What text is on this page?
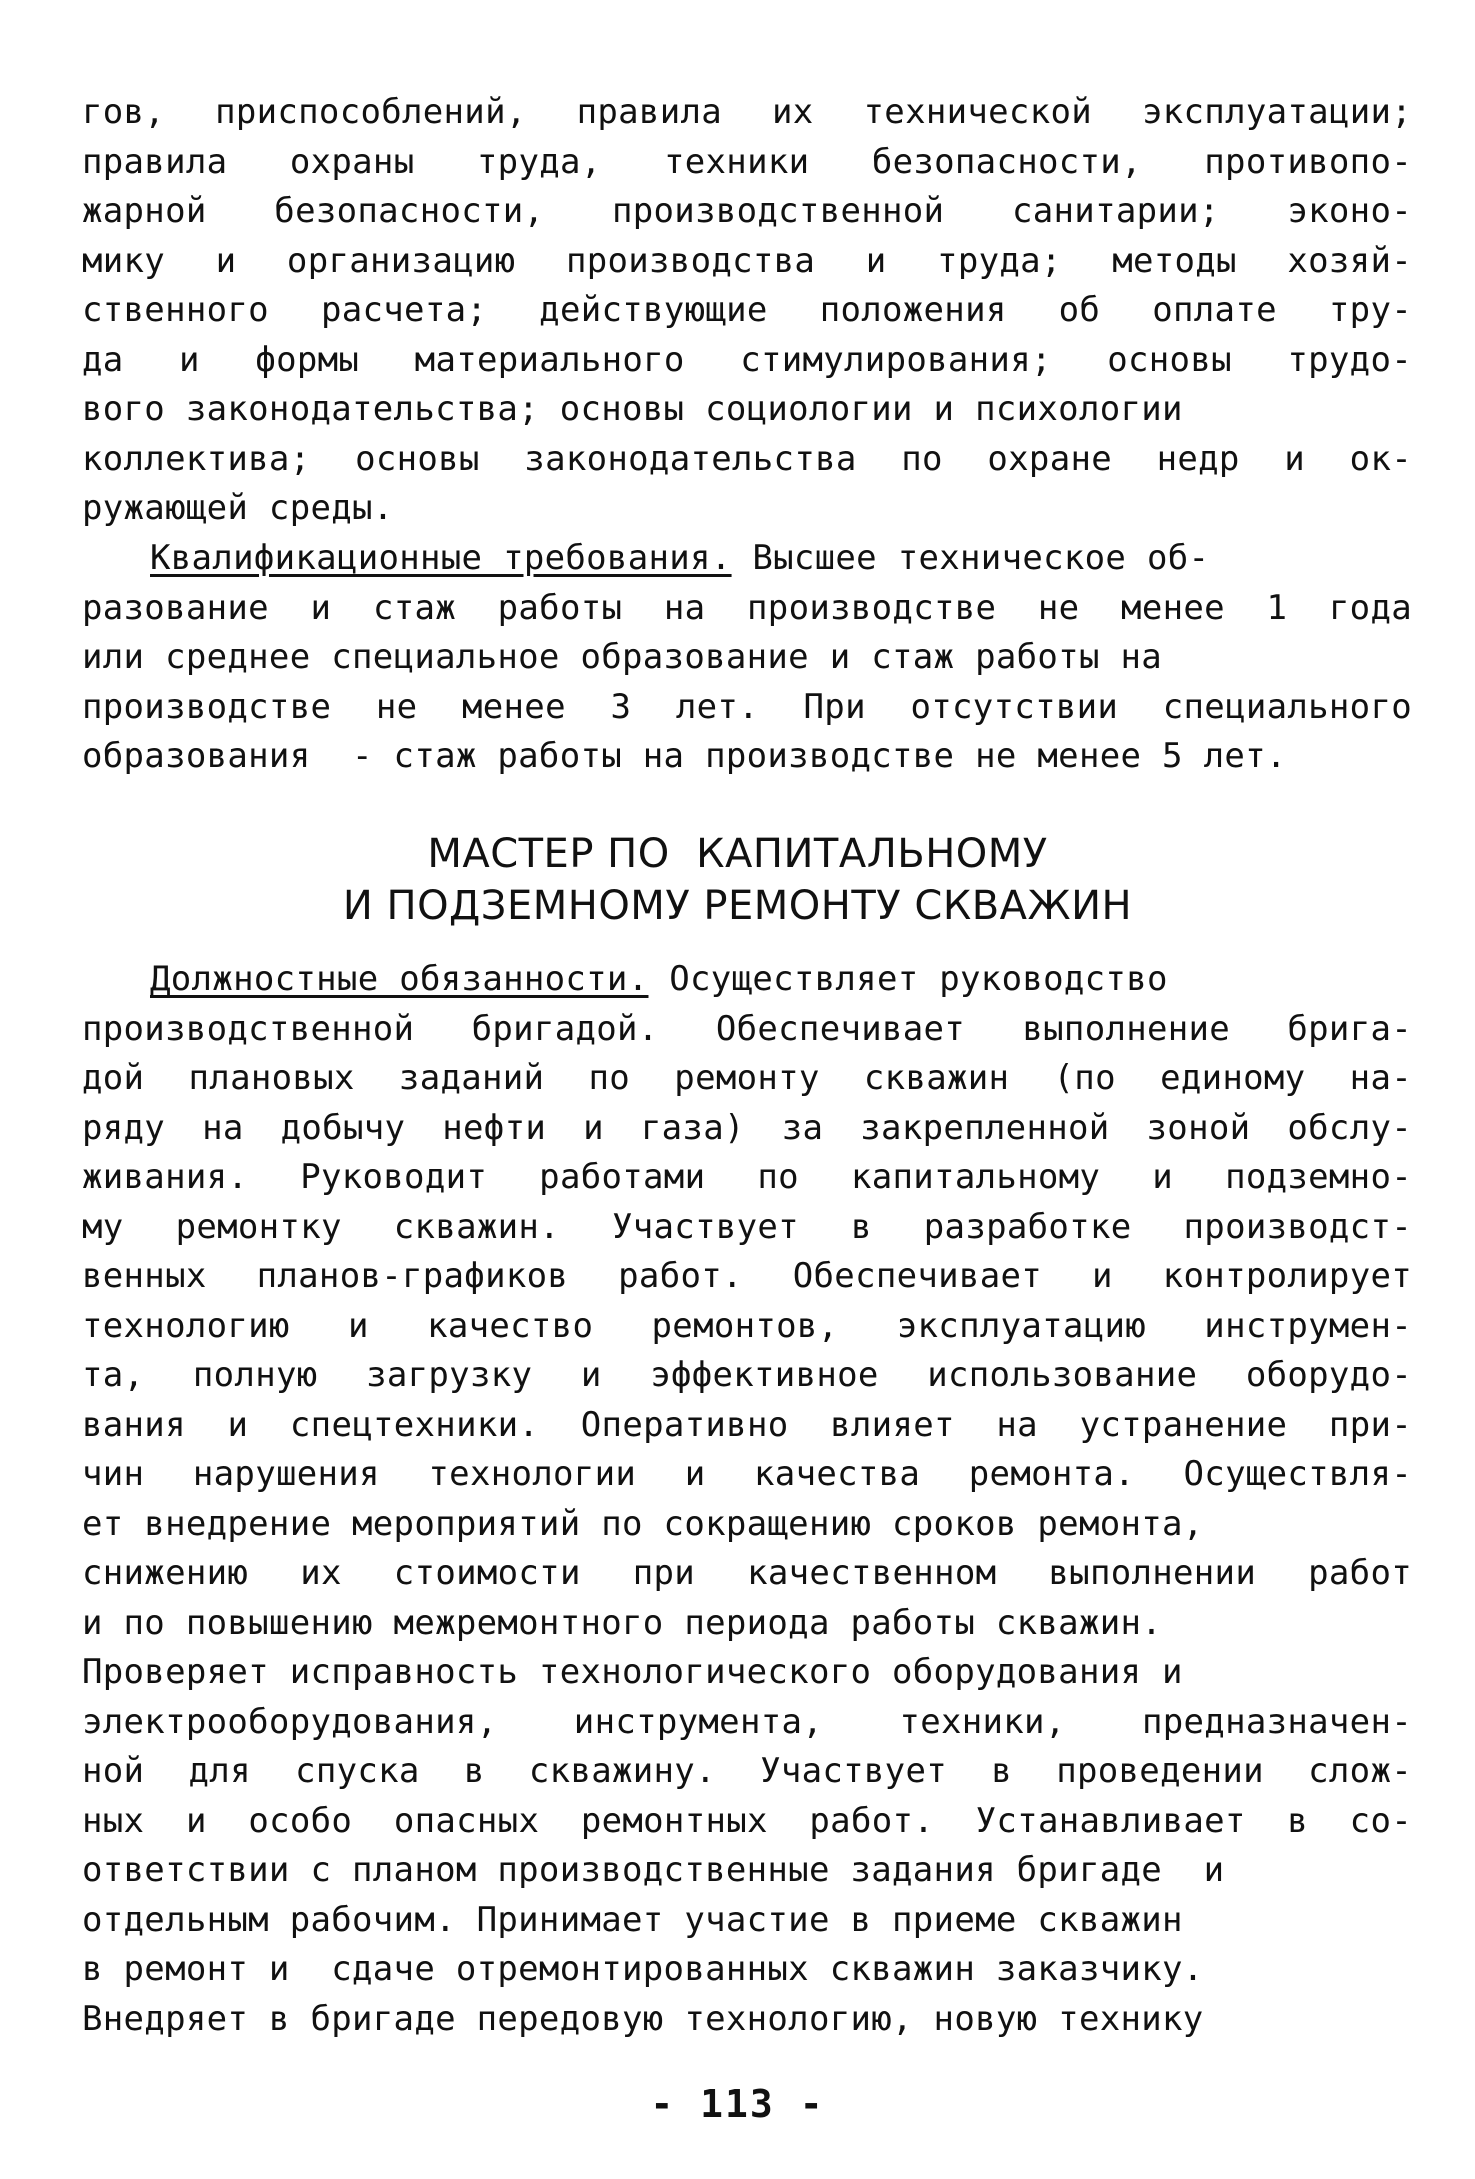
гов, приспособлений, правила их технической эксплуатации;
правила охраны труда, техники безопасности, противопо-
жарной безопасности, производственной санитарии; эконо-
мику и организацию производства и труда; методы хозяй-
ственного расчета; действующие положения об оплате тру-
да и формы материального стимулирования; основы трудо-
вого законодательства; основы социологии и психологии
коллектива; основы законодательства по охране недр и ок-
ружающей среды.
Квалификационные требования. Высшее техническое об-
разование и стаж работы на производстве не менее 1 года
или среднее специальное образование и стаж работы на
производстве не менее 3 лет. При отсутствии специального
образования  - стаж работы на производстве не менее 5 лет.
МАСТЕР ПО  КАПИТАЛЬНОМУ
И ПОДЗЕМНОМУ РЕМОНТУ СКВАЖИН
Должностные обязанности. Осуществляет руководство
производственной бригадой. Обеспечивает выполнение брига-
дой плановых заданий по ремонту скважин (по единому на-
ряду на добычу нефти и газа) за закрепленной зоной обслу-
живания. Руководит работами по капитальному и подземно-
му ремонтку скважин. Участвует в разработке производст-
венных планов-графиков работ. Обеспечивает и контролирует
технологию и качество ремонтов, эксплуатацию инструмен-
та, полную загрузку и эффективное использование оборудо-
вания и спецтехники. Оперативно влияет на устранение при-
чин нарушения технологии и качества ремонта. Осуществля-
ет внедрение мероприятий по сокращению сроков ремонта,
снижению их стоимости при качественном выполнении работ
и по повышению межремонтного периода работы скважин.
Проверяет исправность технологического оборудования и
электрооборудования, инструмента, техники, предназначен-
ной для спуска в скважину. Участвует в проведении слож-
ных и особо опасных ремонтных работ. Устанавливает в со-
ответствии с планом производственные задания бригаде  и
отдельным рабочим. Принимает участие в приеме скважин
в ремонт и  сдаче отремонтированных скважин заказчику.
Внедряет в бригаде передовую технологию, новую технику
- 113 -
